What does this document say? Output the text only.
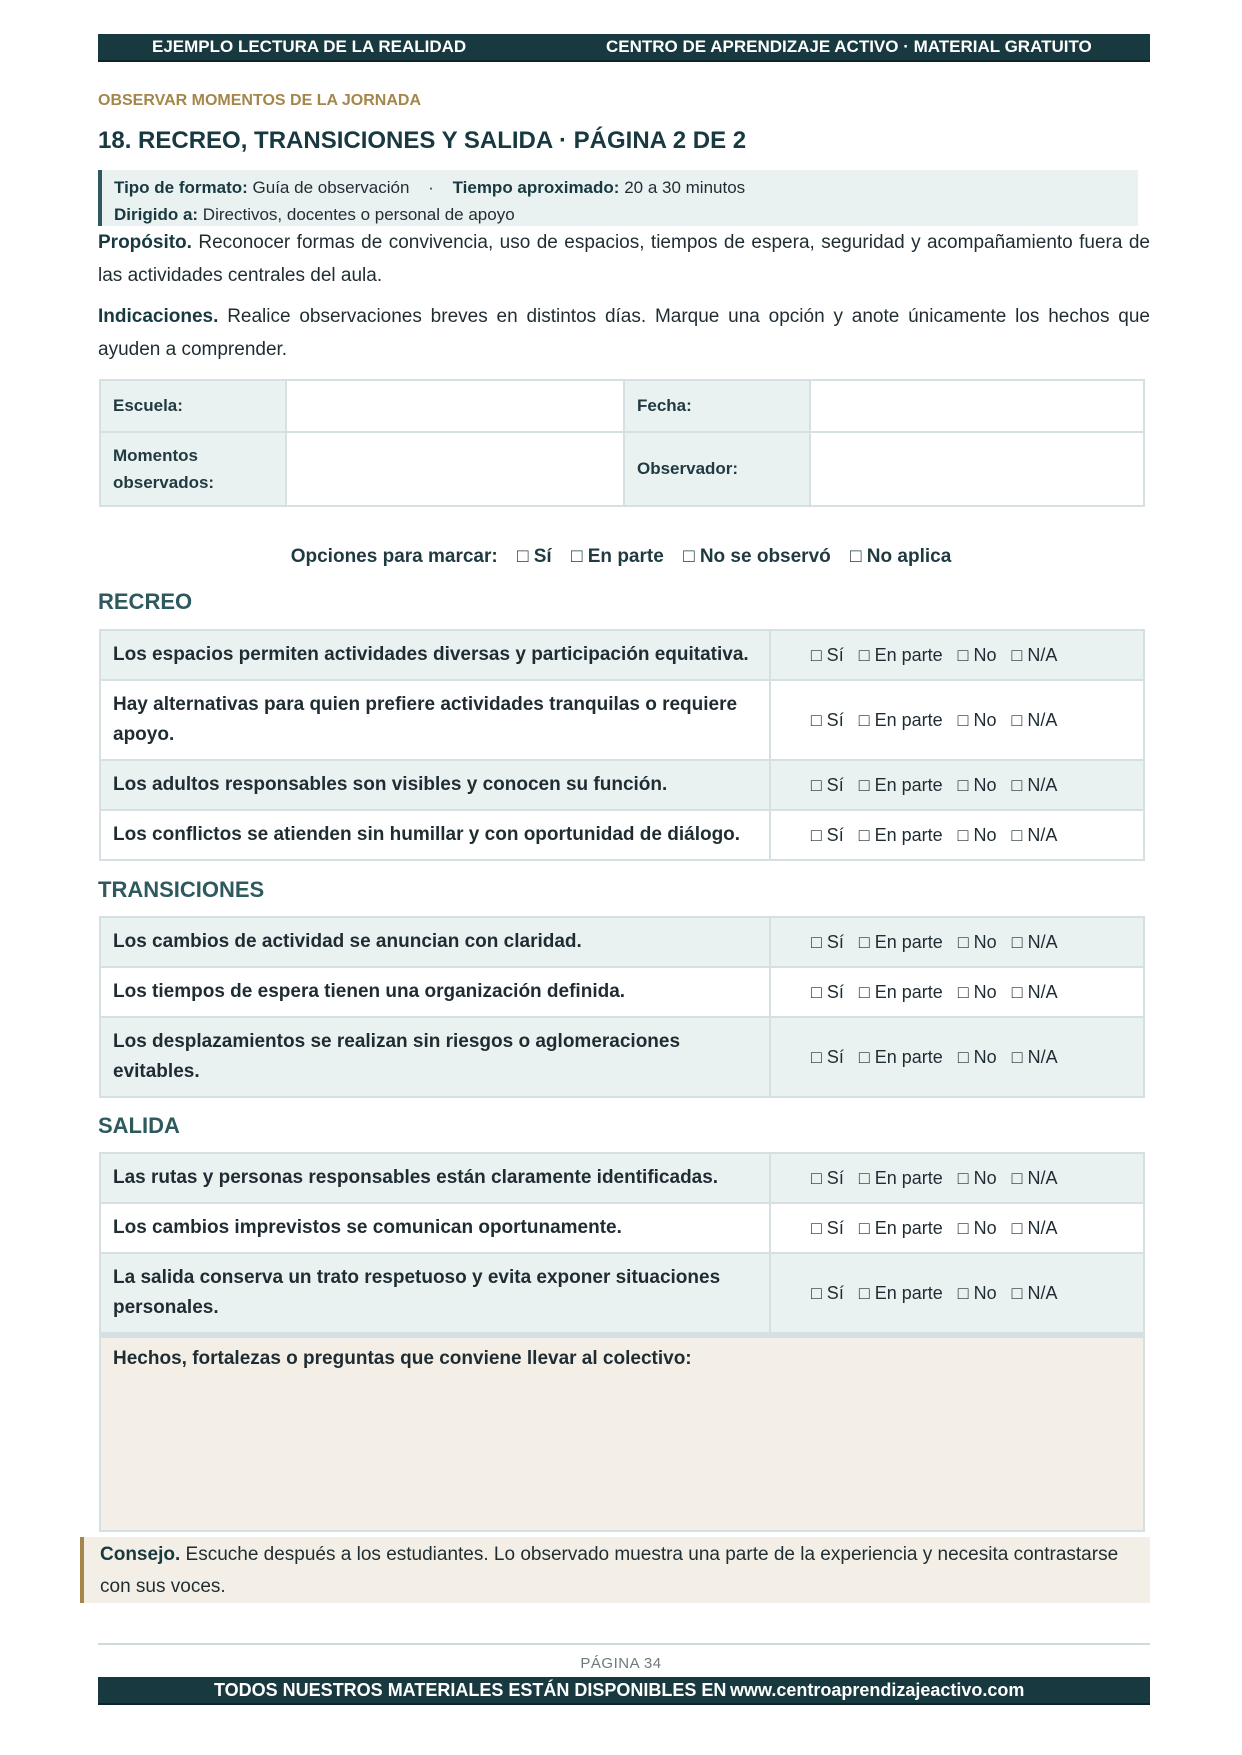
EJEMPLO LECTURA DE LA REALIDAD	CENTRO DE APRENDIZAJE ACTIVO · MATERIAL GRATUITO
OBSERVAR MOMENTOS DE LA JORNADA
18. RECREO, TRANSICIONES Y SALIDA · PÁGINA 2 DE 2
Tipo de formato: Guía de observación · Tiempo aproximado: 20 a 30 minutos
Dirigido a: Directivos, docentes o personal de apoyo
Propósito. Reconocer formas de convivencia, uso de espacios, tiempos de espera, seguridad y acompañamiento fuera de las actividades centrales del aula.
Indicaciones. Realice observaciones breves en distintos días. Marque una opción y anote únicamente los hechos que ayuden a comprender.
Escuela:		Fecha:	
Momentos observados:		Observador:	
Opciones para marcar: □ Sí □ En parte □ No se observó □ No aplica
RECREO
Los espacios permiten actividades diversas y participación equitativa.	□ Sí □ En parte □ No □ N/A
Hay alternativas para quien prefiere actividades tranquilas o requiere apoyo.	□ Sí □ En parte □ No □ N/A
Los adultos responsables son visibles y conocen su función.	□ Sí □ En parte □ No □ N/A
Los conflictos se atienden sin humillar y con oportunidad de diálogo.	□ Sí □ En parte □ No □ N/A
TRANSICIONES
Los cambios de actividad se anuncian con claridad.	□ Sí □ En parte □ No □ N/A
Los tiempos de espera tienen una organización definida.	□ Sí □ En parte □ No □ N/A
Los desplazamientos se realizan sin riesgos o aglomeraciones evitables.	□ Sí □ En parte □ No □ N/A
SALIDA
Las rutas y personas responsables están claramente identificadas.	□ Sí □ En parte □ No □ N/A
Los cambios imprevistos se comunican oportunamente.	□ Sí □ En parte □ No □ N/A
La salida conserva un trato respetuoso y evita exponer situaciones personales.	□ Sí □ En parte □ No □ N/A
Hechos, fortalezas o preguntas que conviene llevar al colectivo:
Consejo. Escuche después a los estudiantes. Lo observado muestra una parte de la experiencia y necesita contrastarse con sus voces.
PÁGINA 34
TODOS NUESTROS MATERIALES ESTÁN DISPONIBLES EN www.centroaprendizajeactivo.com
